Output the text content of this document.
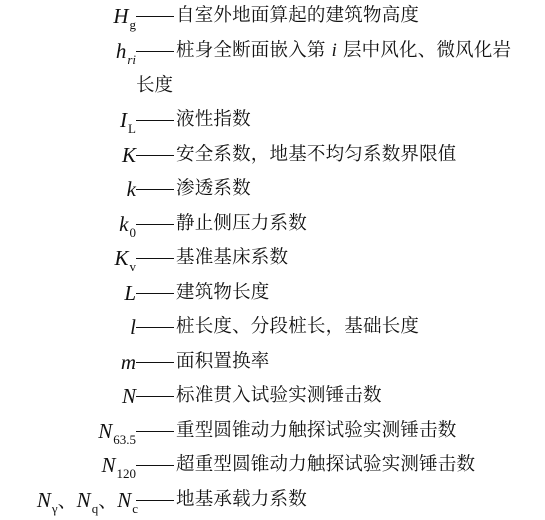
$H_g$ 自室外地面算起的建筑物高度
$h_{ri}$ 桩身全断面嵌入第 i 层中风化、微风化岩
长度
$I_L$ 液性指数
K 安全系数，地基不均匀系数界限值
k 渗透系数
$k_0$ 静止侧压力系数
$K_v$ 基准基床系数
L 建筑物长度
l 桩长度、分段桩长，基础长度
m 面积置换率
N 标准贯入试验实测锤击数
$N_{63.5}$ 重型圆锥动力触探试验实测锤击数
$N_{120}$ 超重型圆锥动力触探试验实测锤击数
$N_\gamma$、$N_q$、$N_c$ 地基承载力系数
